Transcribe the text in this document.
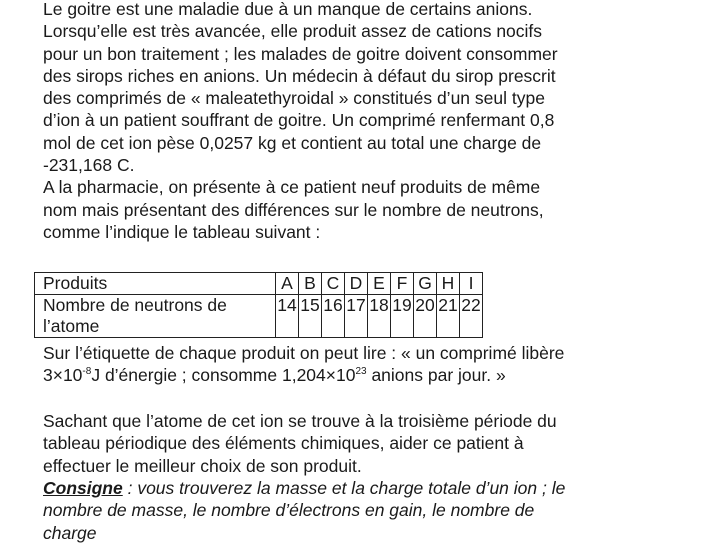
Le goitre est une maladie due à un manque de certains anions.

Lorsqu’elle est très avancée, elle produit assez de cations nocifs

pour un bon traitement ; les malades de goitre doivent consommer

des sirops riches en anions. Un médecin à défaut du sirop prescrit

des comprimés de « maleatethyroidal » constitués d’un seul type

d’ion à un patient souffrant de goitre. Un comprimé renfermant 0,8

mol de cet ion pèse 0,0257 kg et contient au total une charge de

-231,168 C.

A la pharmacie, on présente à ce patient neuf produits de même

nom mais présentant des différences sur le nombre de neutrons,

comme l’indique le tableau suivant :

Produits	A	B	C	D	E	F	G	H	I

Nombre de neutrons de
l’atome	14	15	16	17	18	19	20	21	22

Sur l’étiquette de chaque produit on peut lire : « un comprimé libère

$3\times 10^{-8}J$ d’énergie ; consomme $1,204\times 10^{23}$ anions par jour. »

Sachant que l’atome de cet ion se trouve à la troisième période du

tableau périodique des éléments chimiques, aider ce patient à

effectuer le meilleur choix de son produit.

Consigne : vous trouverez la masse et la charge totale d’un ion ; le

nombre de masse, le nombre d’électrons en gain, le nombre de

charge
